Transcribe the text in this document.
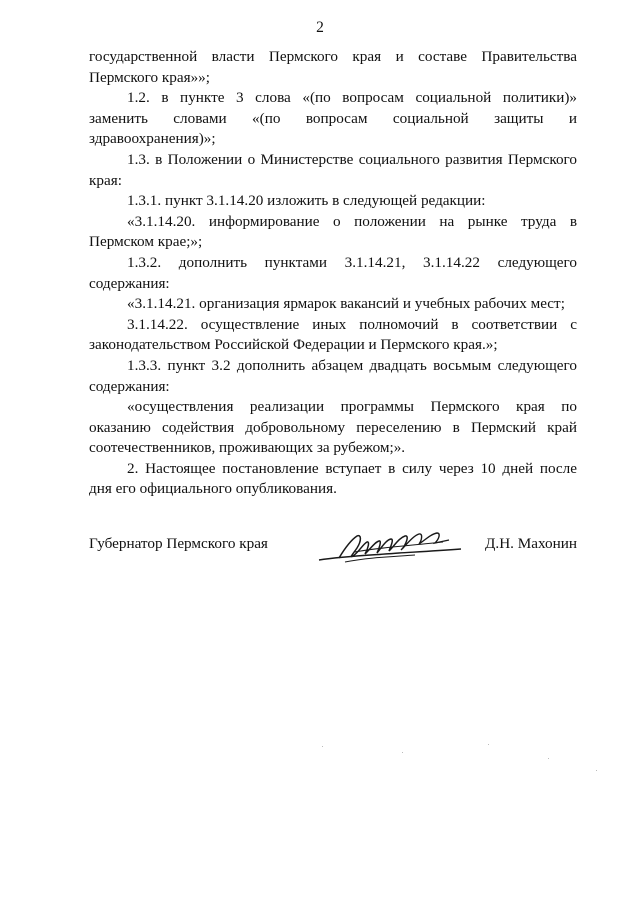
2

государственной власти Пермского края и составе Правительства Пермского края»»;

1.2. в пункте 3 слова «(по вопросам социальной политики)» заменить словами «(по вопросам социальной защиты и здравоохранения)»;

1.3. в Положении о Министерстве социального развития Пермского края:

1.3.1. пункт 3.1.14.20 изложить в следующей редакции:

«3.1.14.20. информирование о положении на рынке труда в Пермском крае;»;

1.3.2. дополнить пунктами 3.1.14.21, 3.1.14.22 следующего содержания:

«3.1.14.21. организация ярмарок вакансий и учебных рабочих мест;

3.1.14.22. осуществление иных полномочий в соответствии с законодательством Российской Федерации и Пермского края.»;

1.3.3. пункт 3.2 дополнить абзацем двадцать восьмым следующего содержания:

«осуществления реализации программы Пермского края по оказанию содействия добровольному переселению в Пермский край соотечественников, проживающих за рубежом;».

2. Настоящее постановление вступает в силу через 10 дней после дня его официального опубликования.

Губернатор Пермского края	Д.Н. Махонин
